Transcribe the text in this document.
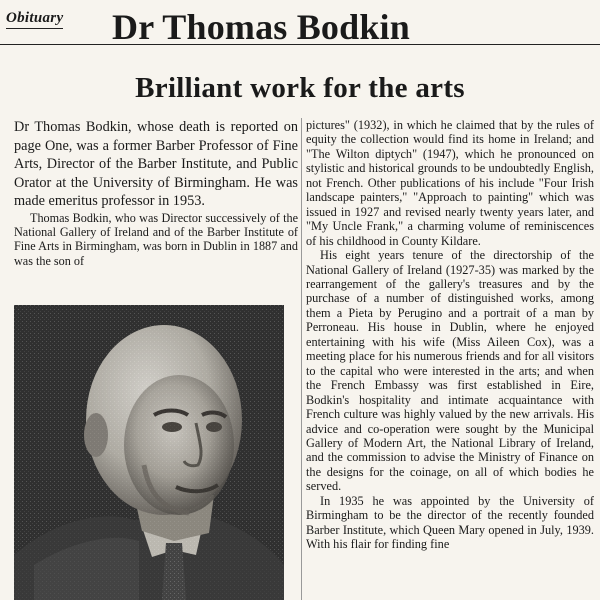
Obituary Dr Thomas Bodkin
Brilliant work for the arts

Dr Thomas Bodkin, whose death is reported on page One, was a former Barber Professor of Fine Arts, Director of the Barber Institute, and Public Orator at the University of Birmingham. He was made emeritus professor in 1953.

Thomas Bodkin, who was Director successively of the National Gallery of Ireland and of the Barber Institute of Fine Arts in Birmingham, was born in Dublin in 1887 and was the son of

pictures" (1932), in which he claimed that by the rules of equity the collection would find its home in Ireland; and "The Wilton diptych" (1947), which he pronounced on stylistic and historical grounds to be undoubtedly English, not French. Other publications of his include "Four Irish landscape painters," "Approach to painting" which was issued in 1927 and revised nearly twenty years later, and "My Uncle Frank," a charming volume of reminiscences of his childhood in County Kildare.

His eight years tenure of the directorship of the National Gallery of Ireland (1927-35) was marked by the rearrangement of the gallery's treasures and by the purchase of a number of distinguished works, among them a Pieta by Perugino and a portrait of a man by Perroneau. His house in Dublin, where he enjoyed entertaining with his wife (Miss Aileen Cox), was a meeting place for his numerous friends and for all visitors to the capital who were interested in the arts; and when the French Embassy was first established in Eire, Bodkin's hospitality and intimate acquaintance with French culture was highly valued by the new arrivals. His advice and co-operation were sought by the Municipal Gallery of Modern Art, the National Library of Ireland, and the commission to advise the Ministry of Finance on the designs for the coinage, on all of which bodies he served.

In 1935 he was appointed by the University of Birmingham to be the director of the recently founded Barber Institute, which Queen Mary opened in July, 1939. With his flair for finding fine
